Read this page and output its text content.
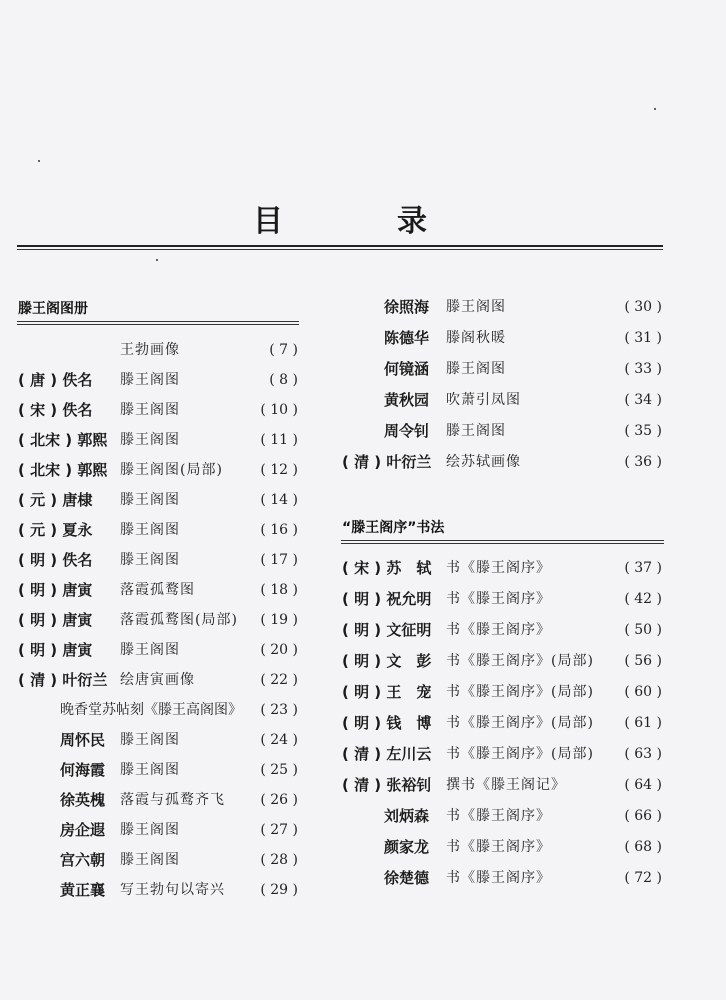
目　录
滕王阁图册
王勃画像	( 7 )
( 唐 ) 佚名 滕王阁图	( 8 )
( 宋 ) 佚名 滕王阁图	( 10 )
( 北宋 ) 郭熙 滕王阁图	( 11 )
( 北宋 ) 郭熙 滕王阁图(局部)	( 12 )
( 元 ) 唐棣 滕王阁图	( 14 )
( 元 ) 夏永 滕王阁图	( 16 )
( 明 ) 佚名 滕王阁图	( 17 )
( 明 ) 唐寅 落霞孤鹜图	( 18 )
( 明 ) 唐寅 落霞孤鹜图(局部)	( 19 )
( 明 ) 唐寅 滕王阁图	( 20 )
( 清 ) 叶衍兰 绘唐寅画像	( 22 )
晚香堂苏帖刻《滕王高阁图》	( 23 )
周怀民 滕王阁图	( 24 )
何海霞 滕王阁图	( 25 )
徐英槐 落霞与孤鹜齐飞	( 26 )
房企遐 滕王阁图	( 27 )
宫六朝 滕王阁图	( 28 )
黄正襄 写王勃句以寄兴	( 29 )
徐照海 滕王阁图	( 30 )
陈德华 滕阁秋暖	( 31 )
何镜涵 滕王阁图	( 33 )
黄秋园 吹萧引凤图	( 34 )
周令钊 滕王阁图	( 35 )
( 清 ) 叶衍兰 绘苏轼画像	( 36 )
“滕王阁序”书法
( 宋 ) 苏　轼 书《滕王阁序》	( 37 )
( 明 ) 祝允明 书《滕王阁序》	( 42 )
( 明 ) 文征明 书《滕王阁序》	( 50 )
( 明 ) 文　彭 书《滕王阁序》(局部)	( 56 )
( 明 ) 王　宠 书《滕王阁序》(局部)	( 60 )
( 明 ) 钱　博 书《滕王阁序》(局部)	( 61 )
( 清 ) 左川云 书《滕王阁序》(局部)	( 63 )
( 清 ) 张裕钊 撰书《滕王阁记》	( 64 )
刘炳森 书《滕王阁序》	( 66 )
颜家龙 书《滕王阁序》	( 68 )
徐楚德 书《滕王阁序》	( 72 )
